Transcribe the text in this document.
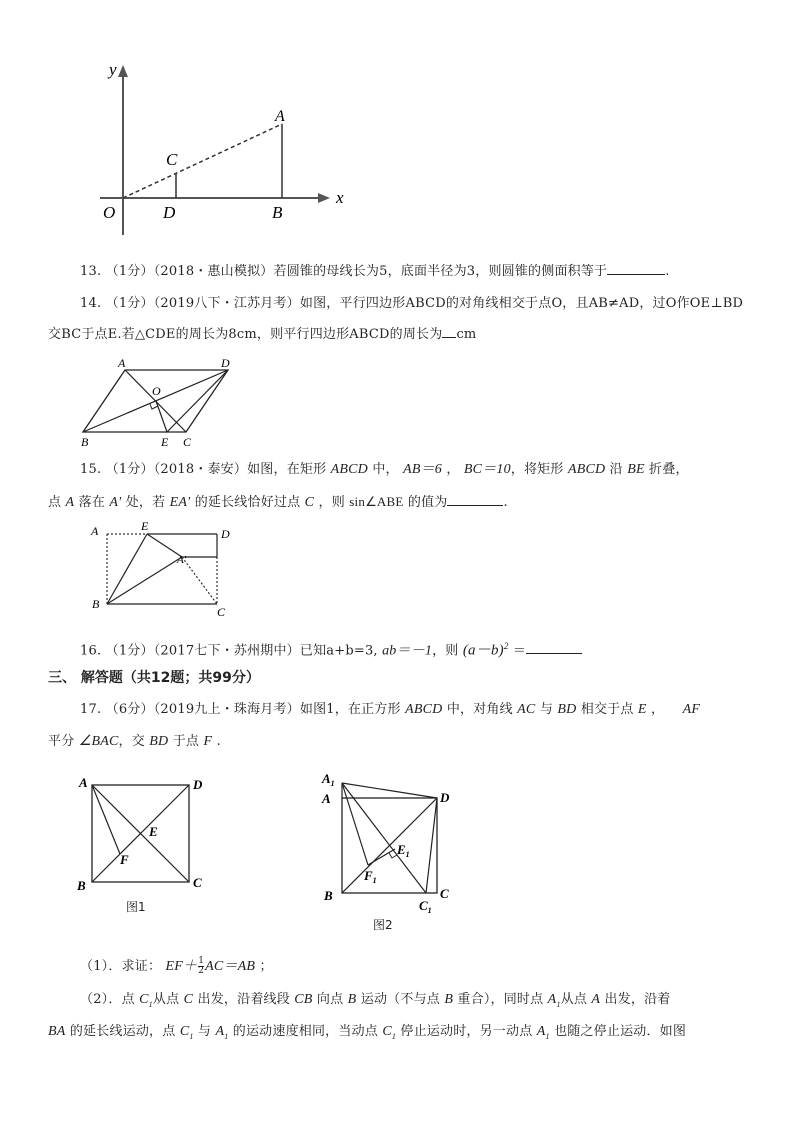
y
x
O
A
B
C
D
13. （1分）（2018・惠山模拟）若圆锥的母线长为5，底面半径为3，则圆锥的侧面积等于	.
14. （1分）（2019八下・江苏月考）如图，平行四边形ABCD的对角线相交于点O，且AB≠AD，过O作OE⊥BD
交BC于点E.若△CDE的周长为8cm，则平行四边形ABCD的周长为 cm
A	D
O
B	E C
15. （1分）（2018・泰安）如图，在矩形 ABCD 中， AB＝6 ， BC＝10，将矩形 ABCD 沿 BE 折叠，
点 A 落在 A' 处，若 EA' 的延长线恰好过点 C ，则 sin∠ABE 的值为	.
A	E
D
A'
B
C
16. （1分）（2017七下・苏州期中）已知a+b=3, ab＝－1，则 $(a-b)^2$ ＝
三、 解答题（共12题；共99分）
17. （6分）（2019九上・珠海月考）如图1，在正方形 ABCD 中，对角线 AC 与 BD 相交于点 E ， AF
平分 ∠BAC，交 BD 于点 F .
A	D
E
F
B	C
图1
$A_1$
A	D
$E_1$
$F_1$
B	C
$C_1$
图2
（1）．求证： $EF+ \frac{1}{2} AC=AB$ ；
（2）．点 $C_1$从点 C 出发，沿着线段 CB 向点 B 运动（不与点 B 重合），同时点 $A_1$从点 A 出发，沿着
BA 的延长线运动，点 $C_1$ 与 $A_1$ 的运动速度相同，当动点 $C_1$ 停止运动时，另一动点 $A_1$ 也随之停止运动．如图
